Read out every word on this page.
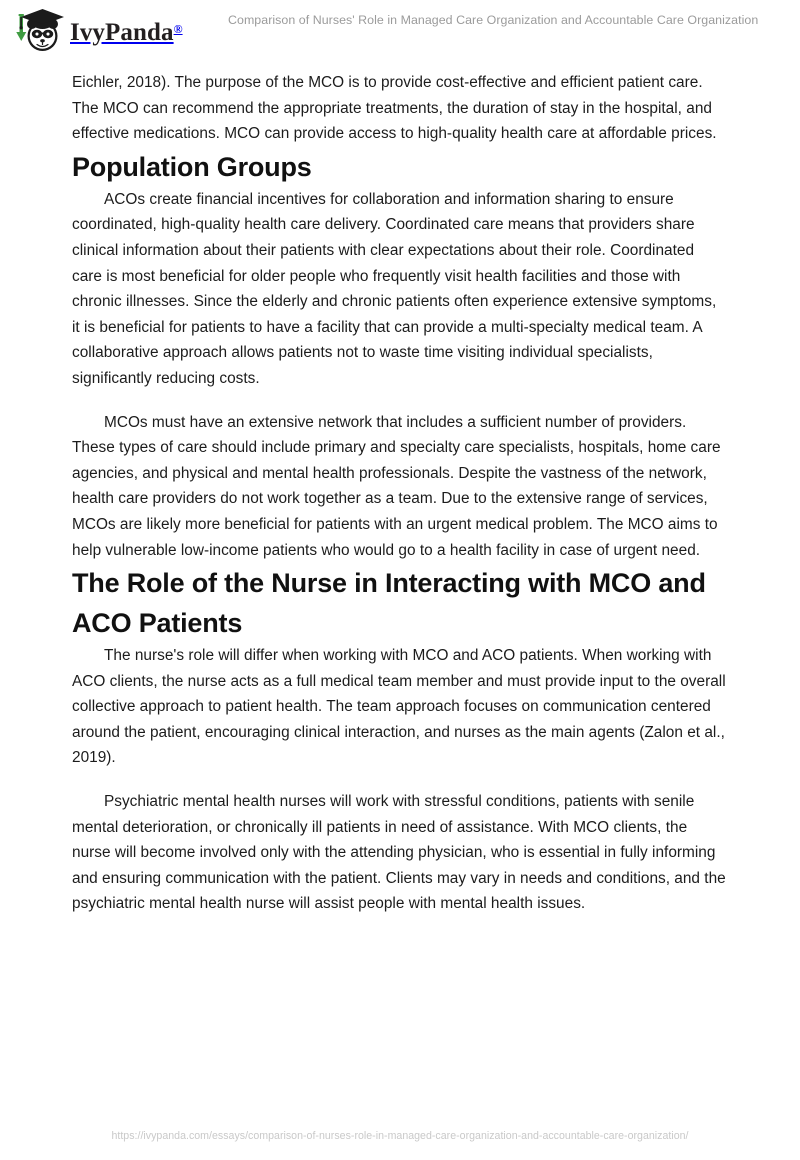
IvyPanda ®
Comparison of Nurses' Role in Managed Care Organization and Accountable Care Organization

Eichler, 2018). The purpose of the MCO is to provide cost-effective and efficient patient care. The MCO can recommend the appropriate treatments, the duration of stay in the hospital, and effective medications. MCO can provide access to high-quality health care at affordable prices.

Population Groups

ACOs create financial incentives for collaboration and information sharing to ensure coordinated, high-quality health care delivery. Coordinated care means that providers share clinical information about their patients with clear expectations about their role. Coordinated care is most beneficial for older people who frequently visit health facilities and those with chronic illnesses. Since the elderly and chronic patients often experience extensive symptoms, it is beneficial for patients to have a facility that can provide a multi-specialty medical team. A collaborative approach allows patients not to waste time visiting individual specialists, significantly reducing costs.

MCOs must have an extensive network that includes a sufficient number of providers. These types of care should include primary and specialty care specialists, hospitals, home care agencies, and physical and mental health professionals. Despite the vastness of the network, health care providers do not work together as a team. Due to the extensive range of services, MCOs are likely more beneficial for patients with an urgent medical problem. The MCO aims to help vulnerable low-income patients who would go to a health facility in case of urgent need.

The Role of the Nurse in Interacting with MCO and ACO Patients

The nurse's role will differ when working with MCO and ACO patients. When working with ACO clients, the nurse acts as a full medical team member and must provide input to the overall collective approach to patient health. The team approach focuses on communication centered around the patient, encouraging clinical interaction, and nurses as the main agents (Zalon et al., 2019).

Psychiatric mental health nurses will work with stressful conditions, patients with senile mental deterioration, or chronically ill patients in need of assistance. With MCO clients, the nurse will become involved only with the attending physician, who is essential in fully informing and ensuring communication with the patient. Clients may vary in needs and conditions, and the psychiatric mental health nurse will assist people with mental health issues.

https://ivypanda.com/essays/comparison-of-nurses-role-in-managed-care-organization-and-accountable-care-organization/
